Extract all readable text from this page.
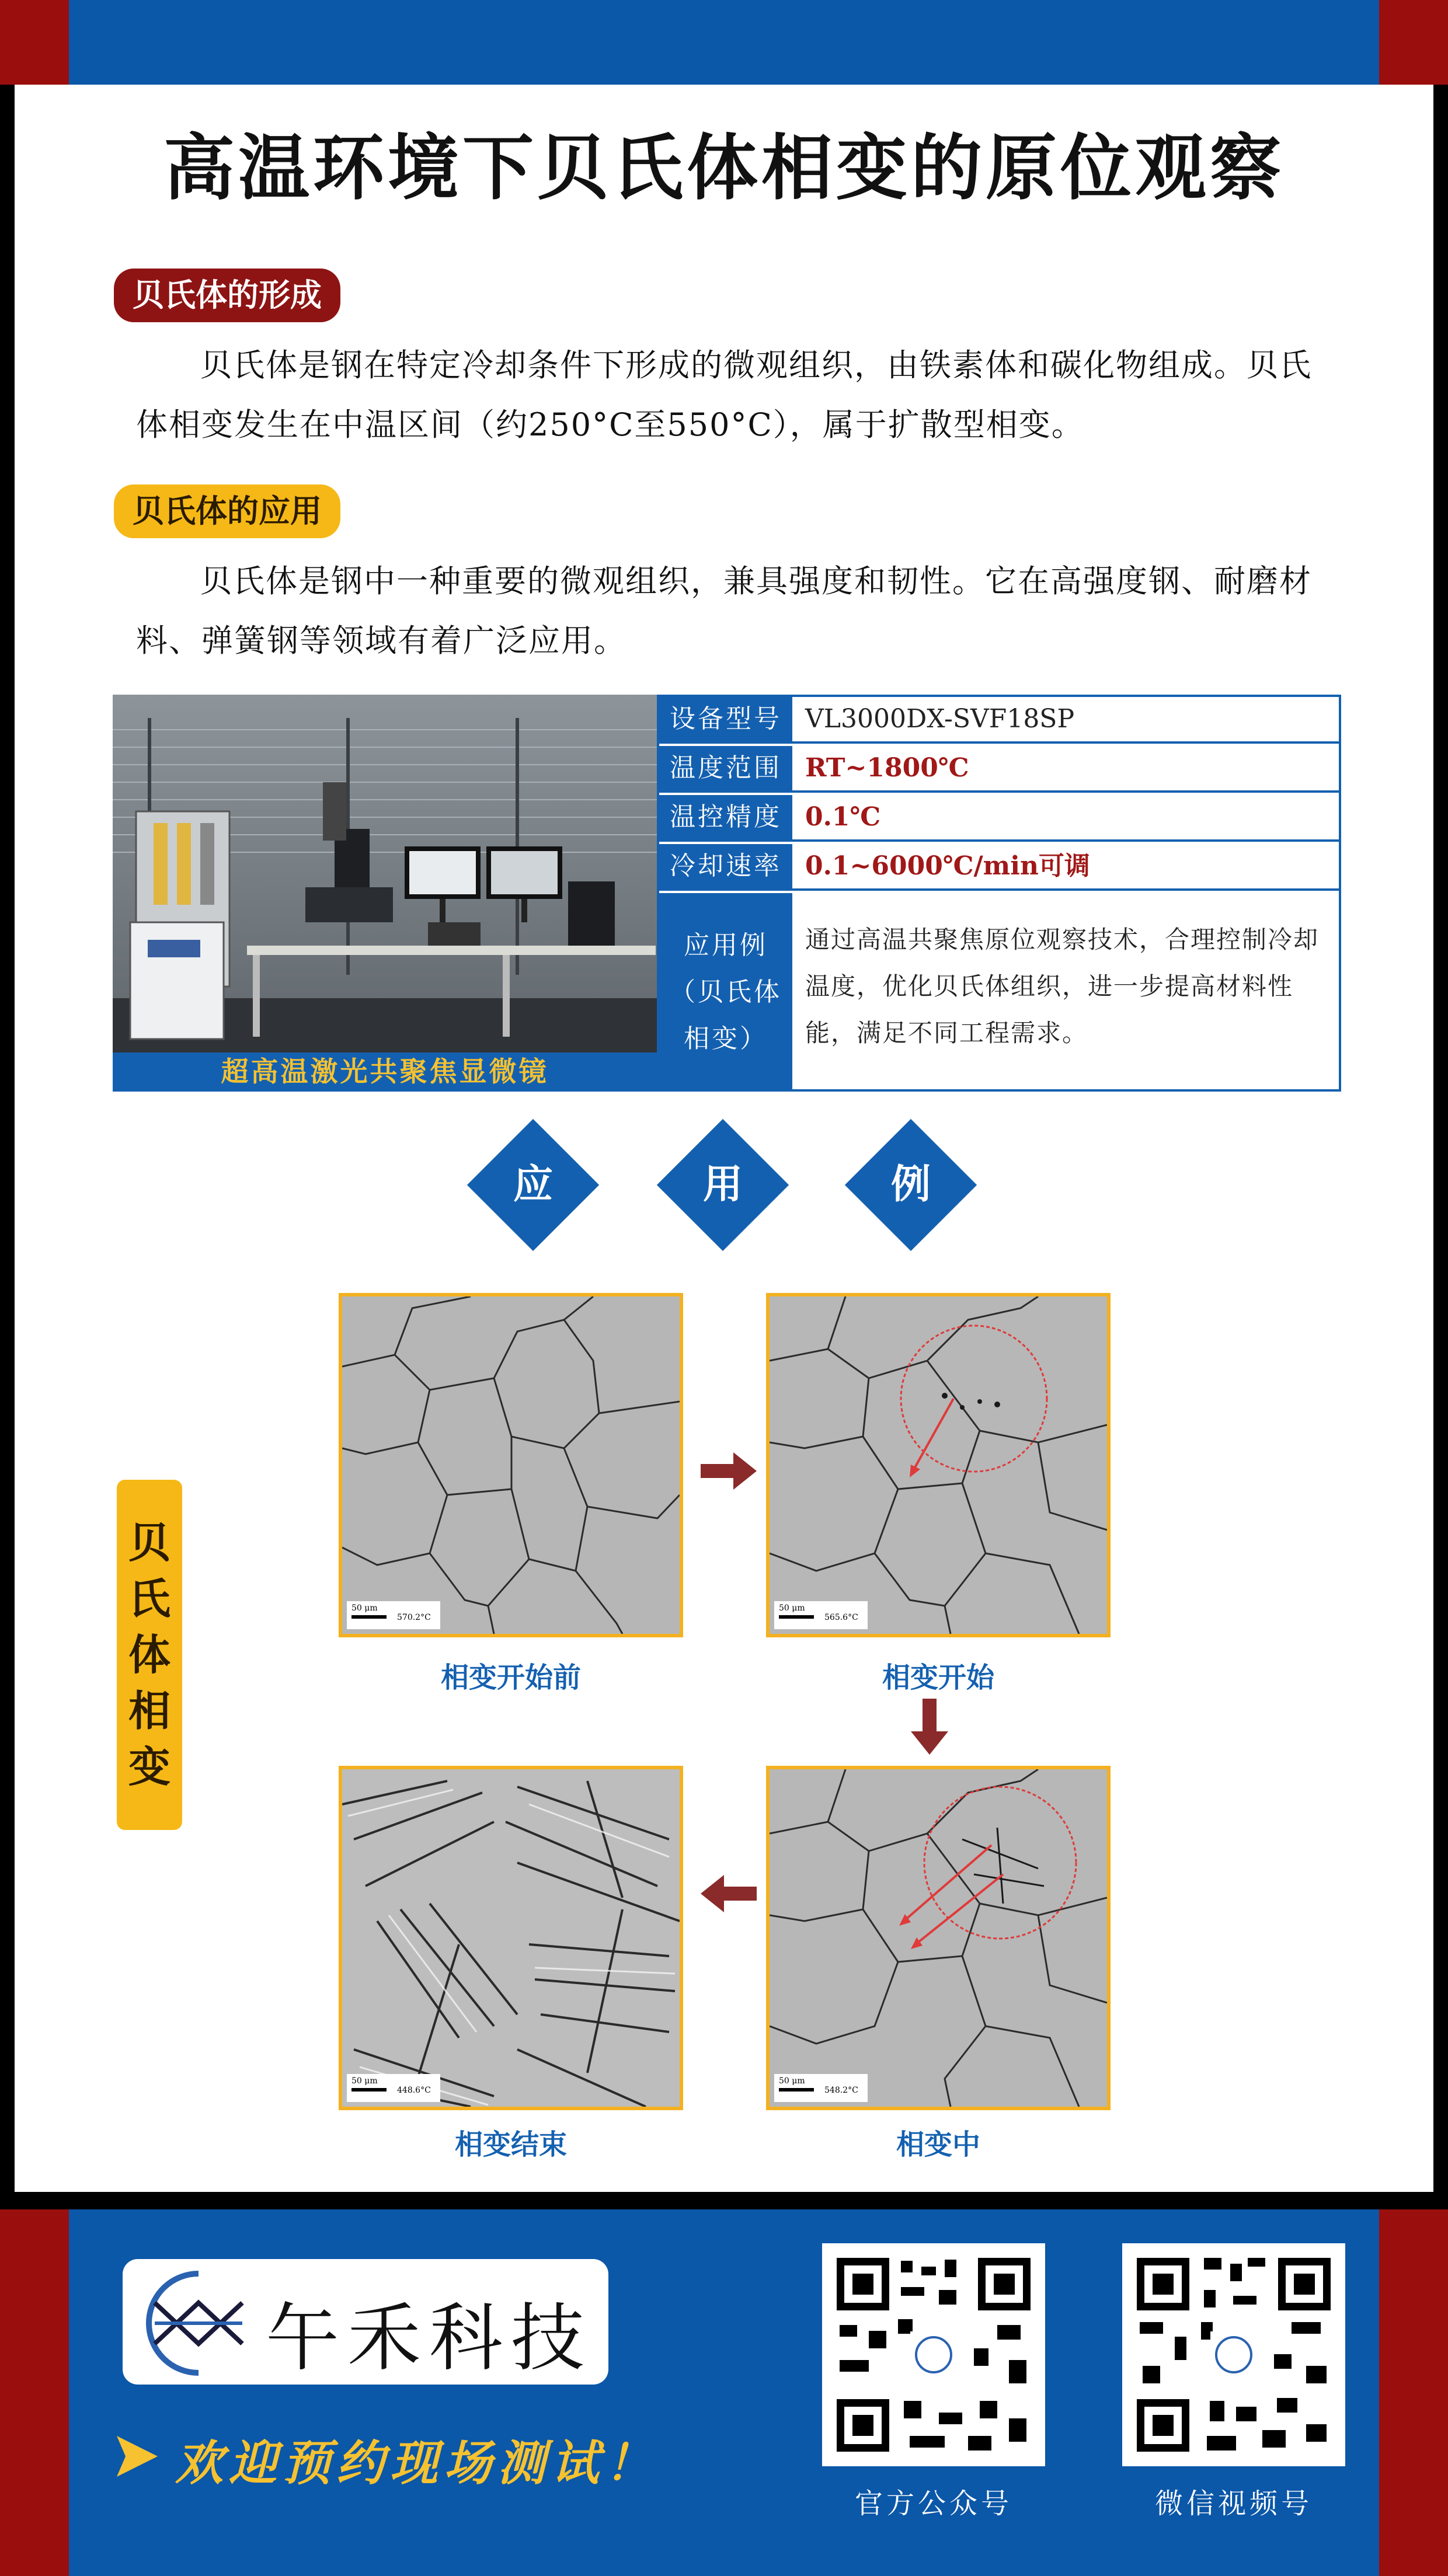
高温环境下贝氏体相变的原位观察
贝氏体的形成
贝氏体是钢在特定冷却条件下形成的微观组织，由铁素体和碳化物组成。贝氏体相变发生在中温区间（约250°C至550°C），属于扩散型相变。
贝氏体的应用
贝氏体是钢中一种重要的微观组织，兼具强度和韧性。它在高强度钢、耐磨材料、弹簧钢等领域有着广泛应用。
超高温激光共聚焦显微镜
设备型号 VL3000DX-SVF18SP
温度范围 RT~1800℃
温控精度 0.1℃
冷却速率 0.1~6000℃/min可调
应用例
（贝氏体
相变）
通过高温共聚焦原位观察技术，合理控制冷却温度，优化贝氏体组织，进一步提高材料性能，满足不同工程需求。
应	用	例
贝氏体相变
50 μm
570.2°C
相变开始前
50 μm
565.6°C
相变开始
50 μm
448.6°C
相变结束
50 μm
548.2°C
相变中
午禾科技
欢迎预约现场测试！
官方公众号	微信视频号
